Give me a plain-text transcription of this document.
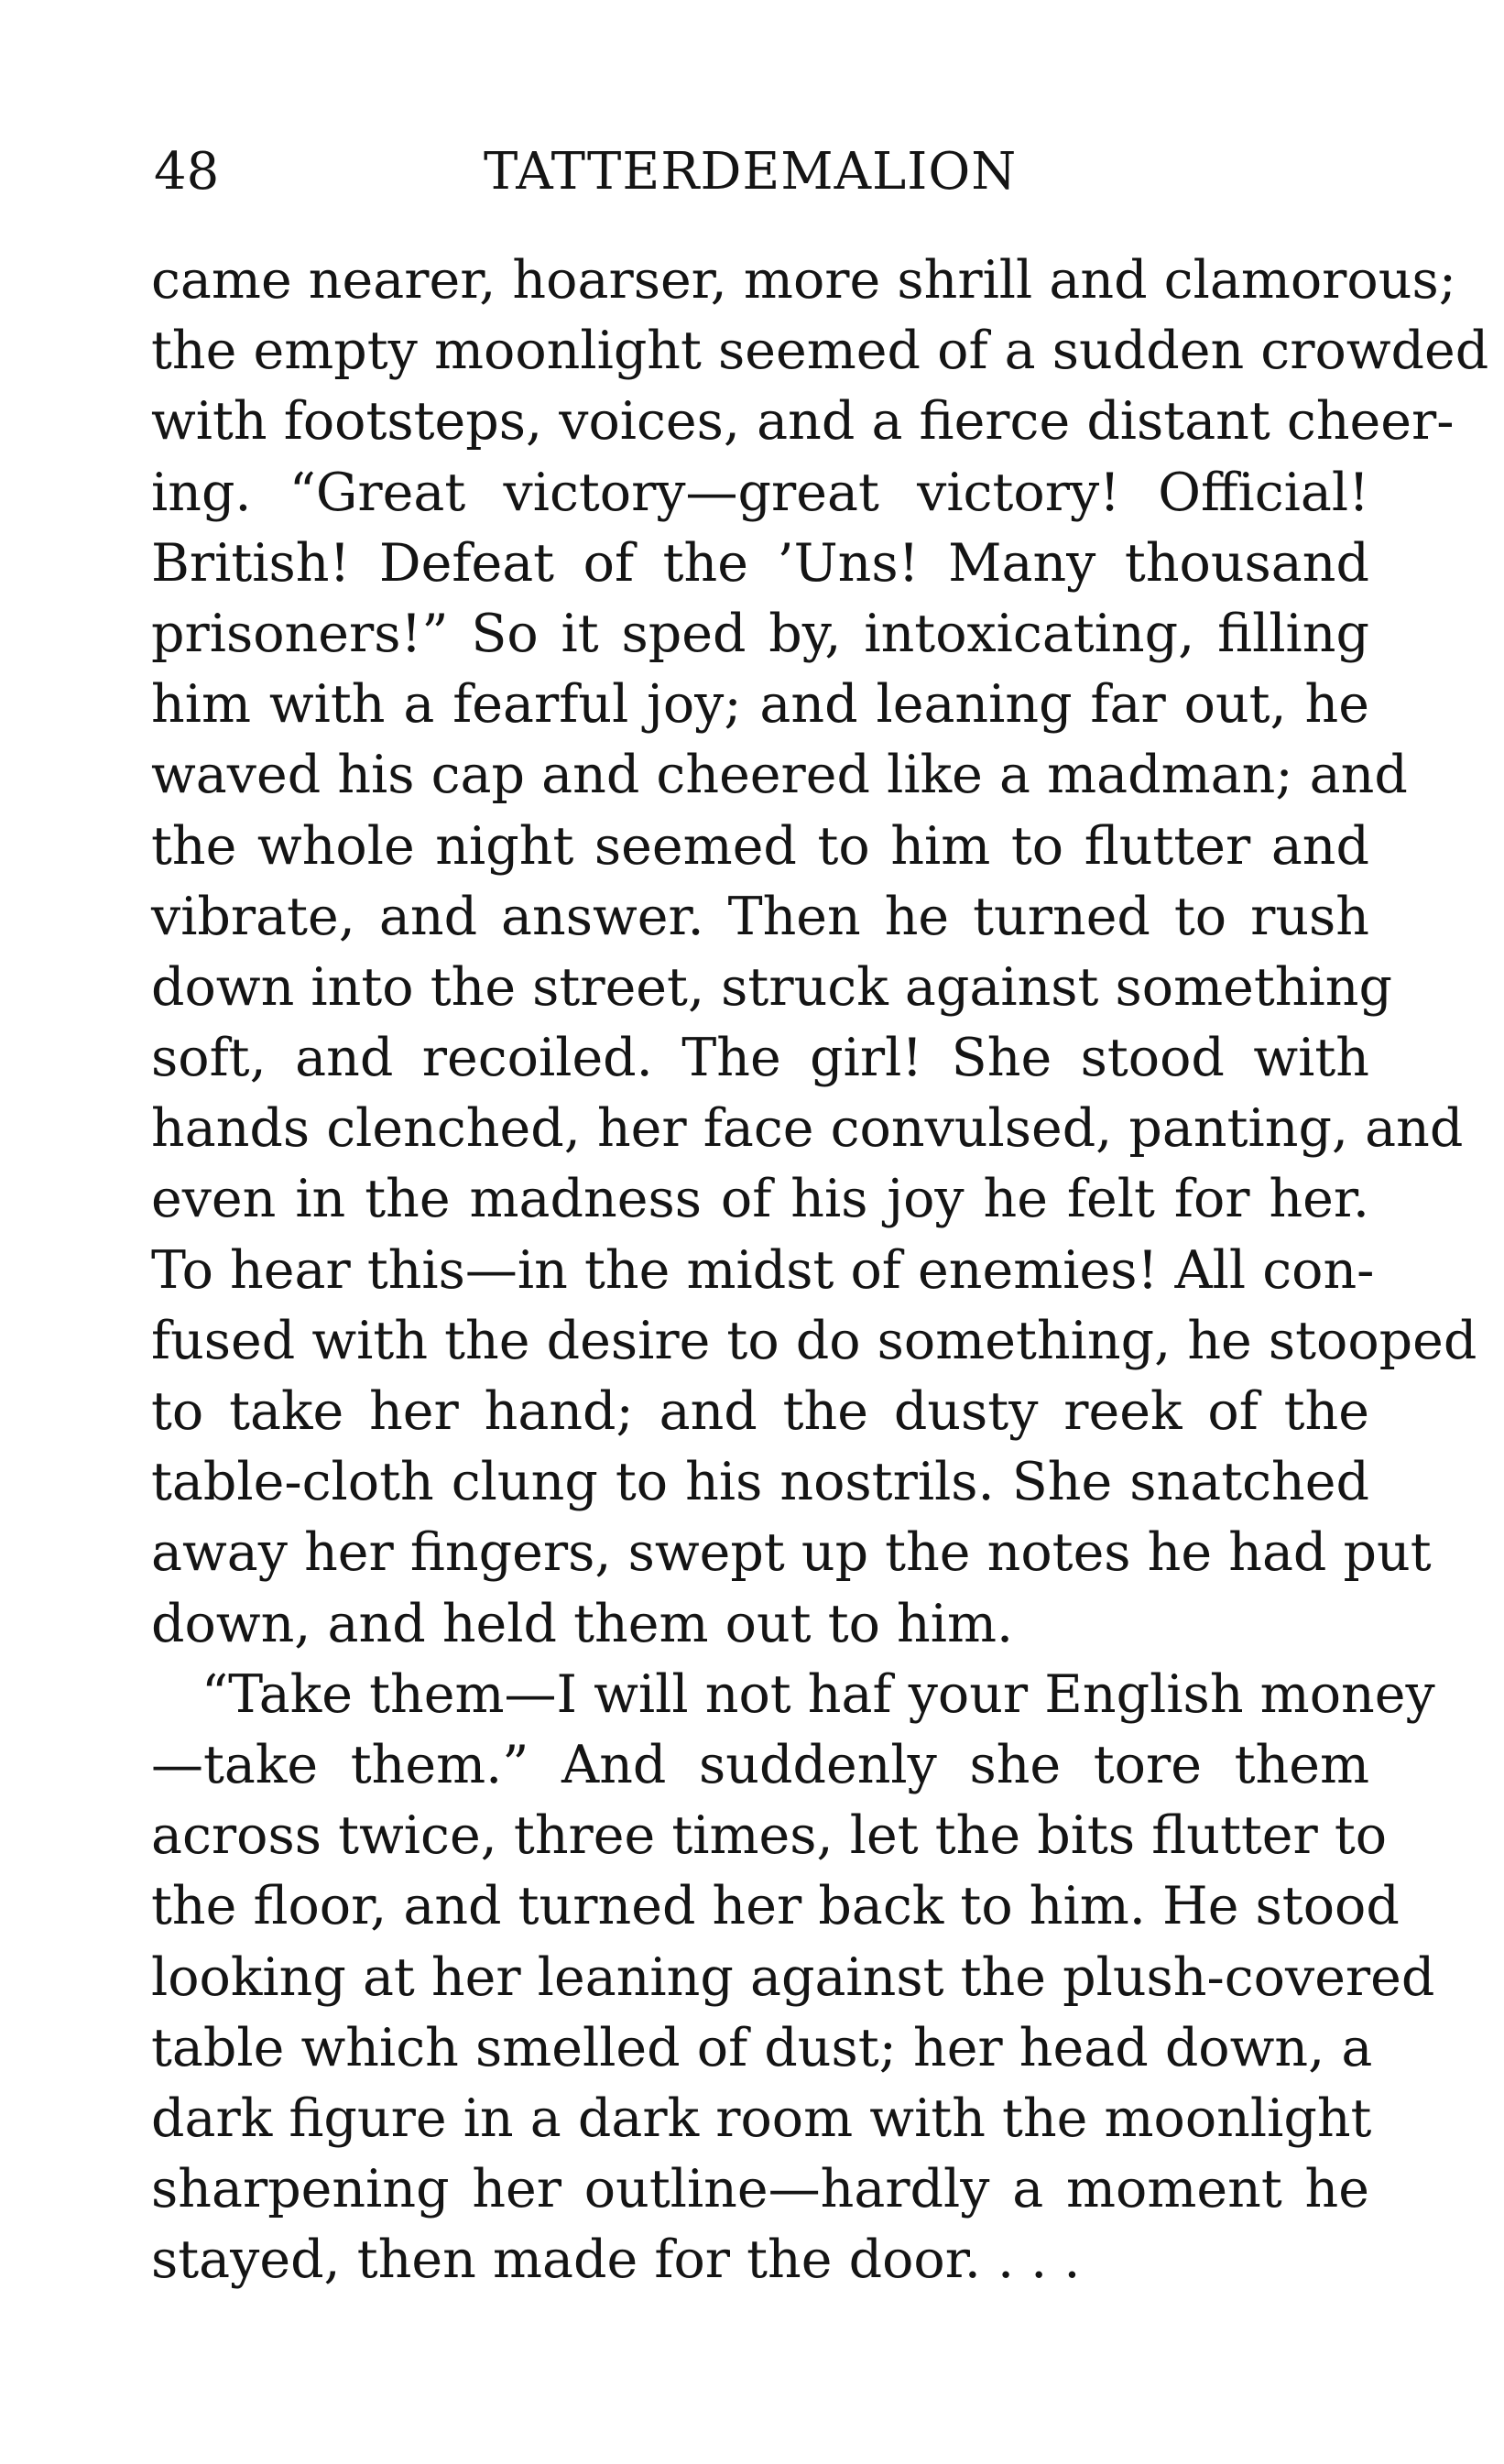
48	TATTERDEMALION
came nearer, hoarser, more shrill and clamorous;
the empty moonlight seemed of a sudden crowded
with footsteps, voices, and a fierce distant cheer-
ing. “Great victory—great victory! Official!
British! Defeat of the ’Uns! Many thousand
prisoners!” So it sped by, intoxicating, filling
him with a fearful joy; and leaning far out, he
waved his cap and cheered like a madman; and
the whole night seemed to him to flutter and
vibrate, and answer. Then he turned to rush
down into the street, struck against something
soft, and recoiled. The girl! She stood with
hands clenched, her face convulsed, panting, and
even in the madness of his joy he felt for her.
To hear this—in the midst of enemies! All con-
fused with the desire to do something, he stooped
to take her hand; and the dusty reek of the
table-cloth clung to his nostrils. She snatched
away her fingers, swept up the notes he had put
down, and held them out to him.
“Take them—I will not haf your English money
—take them.” And suddenly she tore them
across twice, three times, let the bits flutter to
the floor, and turned her back to him. He stood
looking at her leaning against the plush-covered
table which smelled of dust; her head down, a
dark figure in a dark room with the moonlight
sharpening her outline—hardly a moment he
stayed, then made for the door. . . .
